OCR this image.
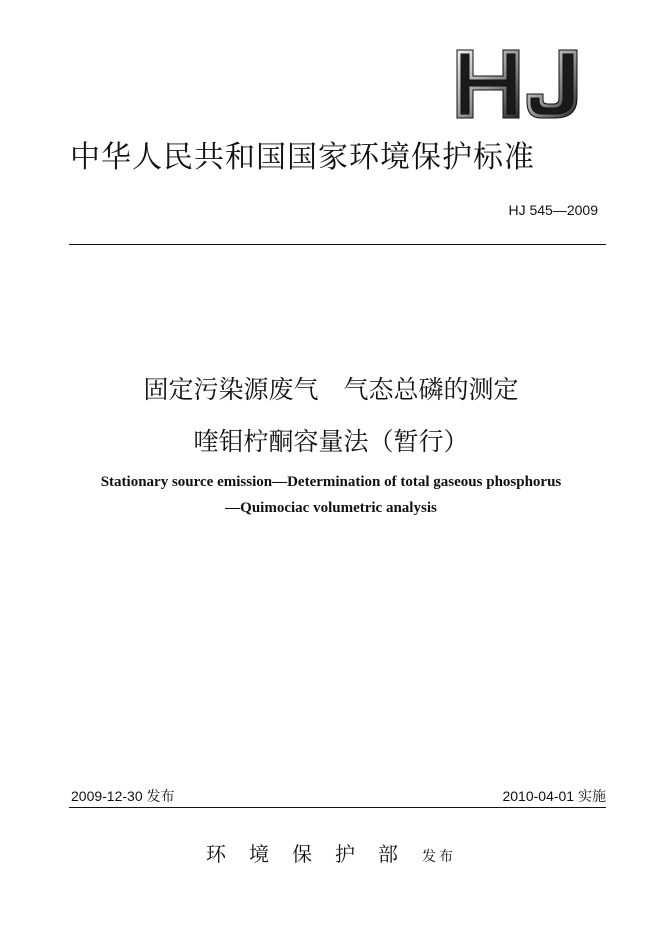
中华人民共和国国家环境保护标准
HJ 545—2009
固定污染源废气　气态总磷的测定
喹钼柠酮容量法（暂行）
Stationary source emission—Determination of total gaseous phosphorus
—Quimociac volumetric analysis
2009-12-30 发布	2010-04-01 实施
环境保护部 发布
